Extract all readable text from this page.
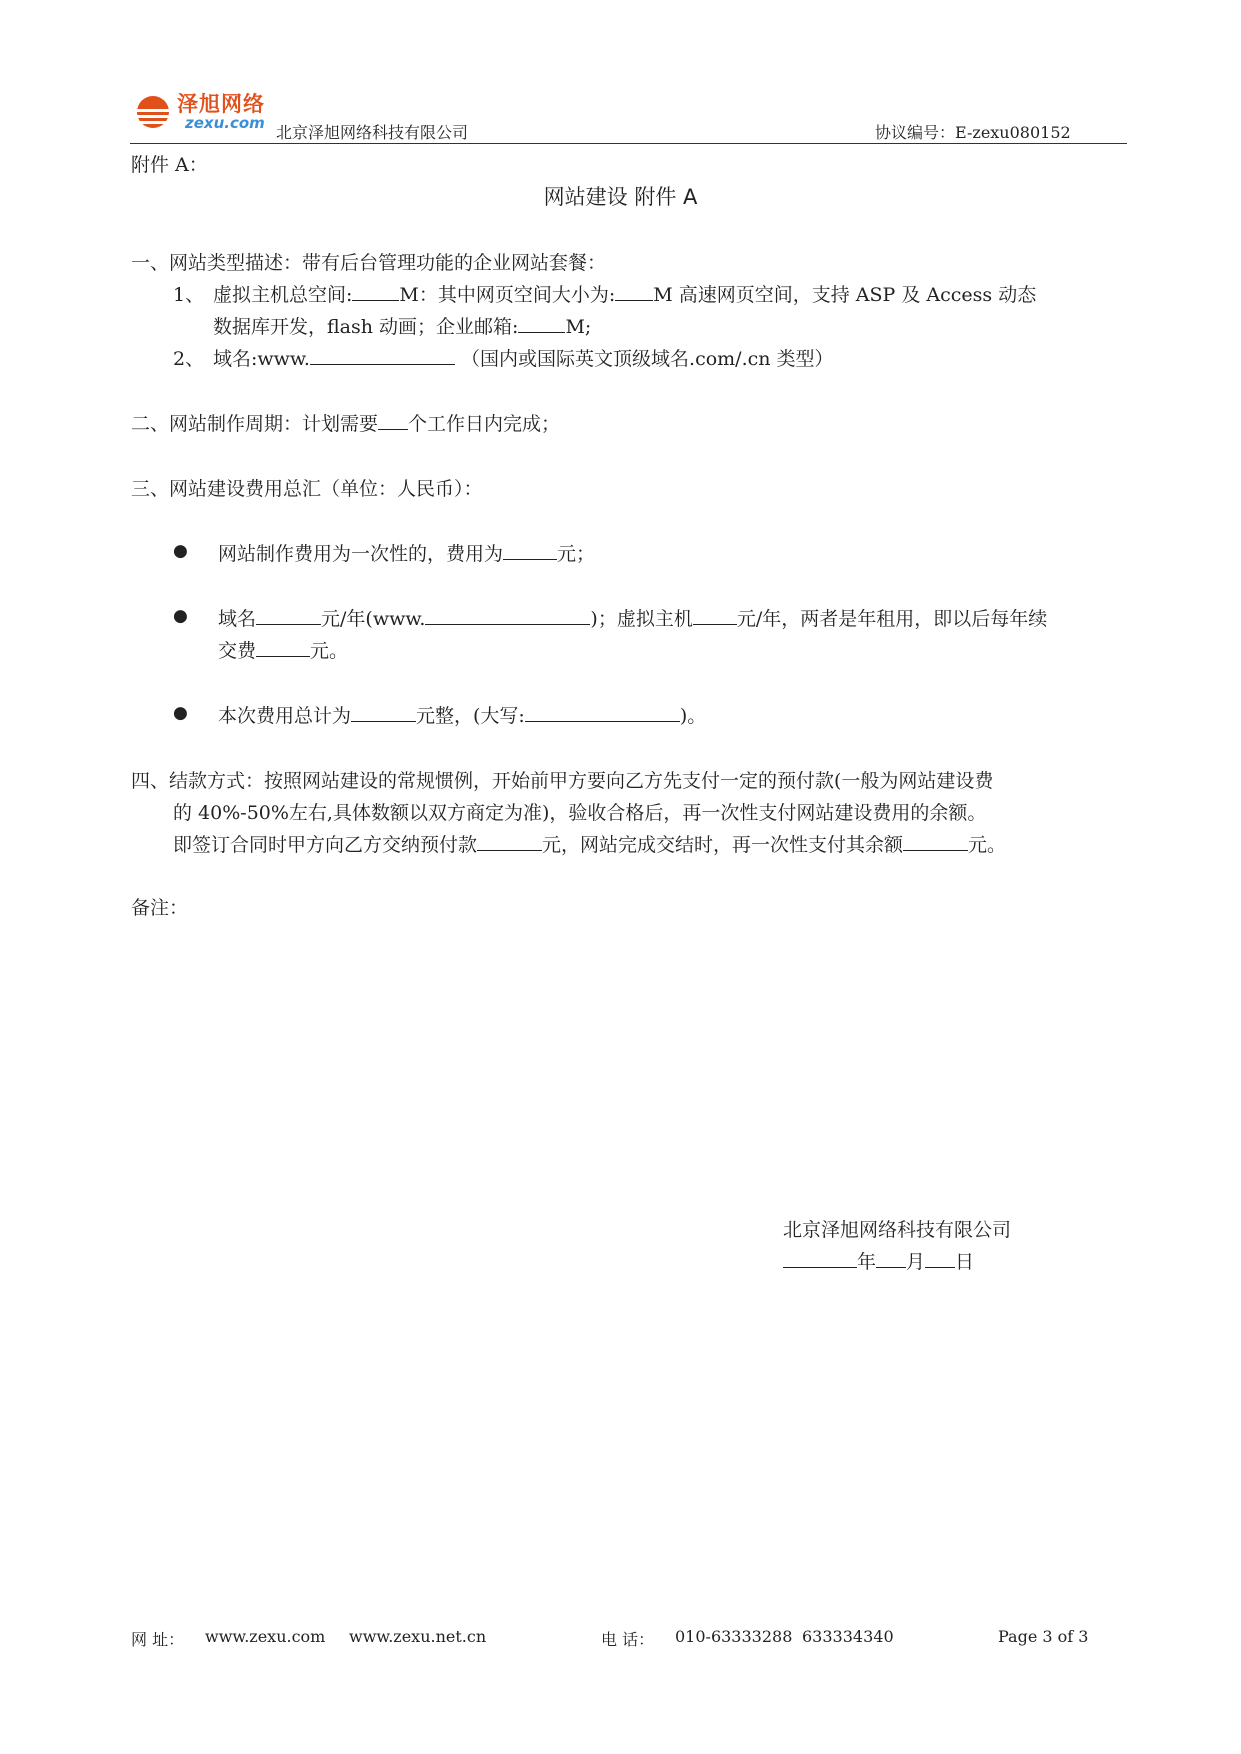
泽旭网络
zexu.com 北京泽旭网络科技有限公司	协议编号：E-zexu080152
附件 A：
网站建设 附件 A
一、网站类型描述：带有后台管理功能的企业网站套餐：
1、 虚拟主机总空间: M：其中网页空间大小为: M 高速网页空间，支持 ASP 及 Access 动态
数据库开发，flash 动画；企业邮箱: M;
2、 域名:www.	（国内或国际英文顶级域名.com/.cn 类型）
二、网站制作周期：计划需要 个工作日内完成；
三、网站建设费用总汇（单位：人民币）：
● 网站制作费用为一次性的，费用为	元；
● 域名	元/年(www.	)；虚拟主机 元/年，两者是年租用，即以后每年续
交费	元。
● 本次费用总计为	元整，(大写:	)。
四、结款方式：按照网站建设的常规惯例，开始前甲方要向乙方先支付一定的预付款(一般为网站建设费
的 40%-50%左右,具体数额以双方商定为准)，验收合格后，再一次性支付网站建设费用的余额。
即签订合同时甲方向乙方交纳预付款	元，网站完成交结时，再一次性支付其余额	元。
备注：
北京泽旭网络科技有限公司
年 月 日
网 址： www.zexu.com www.zexu.net.cn	电 话： 010-63333288 633334340	Page 3 of 3
